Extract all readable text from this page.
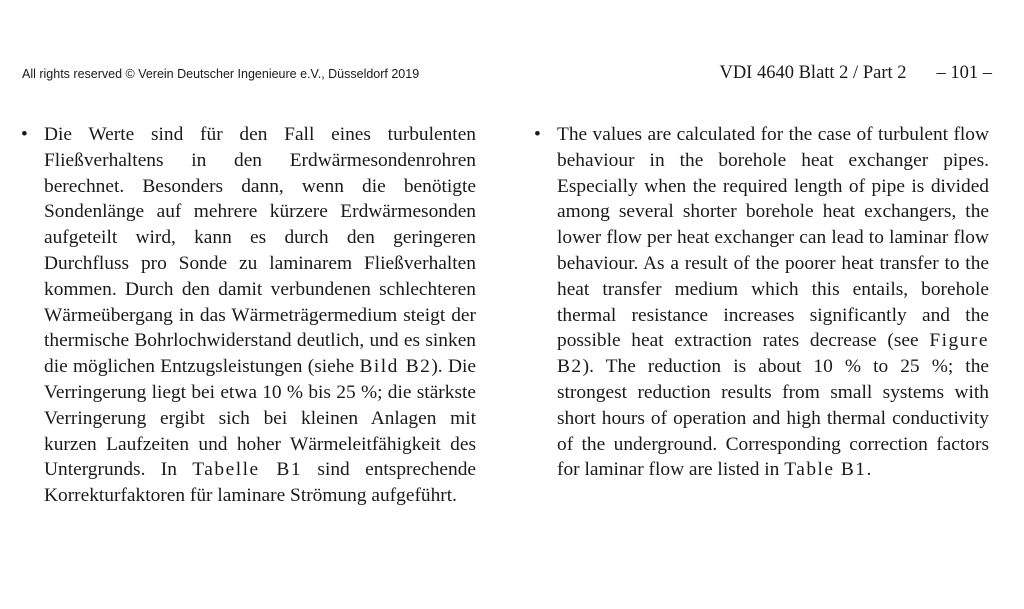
All rights reserved © Verein Deutscher Ingenieure e.V., Düsseldorf 2019	VDI 4640 Blatt 2 / Part 2 – 101 –
• Die Werte sind für den Fall eines turbulenten Fließverhaltens in den Erdwärmesondenrohren berechnet. Besonders dann, wenn die benötigte Sondenlänge auf mehrere kürzere Erdwärmesonden aufgeteilt wird, kann es durch den geringeren Durchfluss pro Sonde zu laminarem Fließverhalten kommen. Durch den damit verbundenen schlechteren Wärmeübergang in das Wärmeträgermedium steigt der thermische Bohrlochwiderstand deutlich, und es sinken die möglichen Entzugsleistungen (siehe Bild B2). Die Verringerung liegt bei etwa 10 % bis 25 %; die stärkste Verringerung ergibt sich bei kleinen Anlagen mit kurzen Laufzeiten und hoher Wärmeleitfähigkeit des Untergrunds. In Tabelle B1 sind entsprechende Korrekturfaktoren für laminare Strömung aufgeführt.
• The values are calculated for the case of turbulent flow behaviour in the borehole heat exchanger pipes. Especially when the required length of pipe is divided among several shorter borehole heat exchangers, the lower flow per heat exchanger can lead to laminar flow behaviour. As a result of the poorer heat transfer to the heat transfer medium which this entails, borehole thermal resistance increases significantly and the possible heat extraction rates decrease (see Figure B2). The reduction is about 10 % to 25 %; the strongest reduction results from small systems with short hours of operation and high thermal conductivity of the underground. Corresponding correction factors for laminar flow are listed in Table B1.
